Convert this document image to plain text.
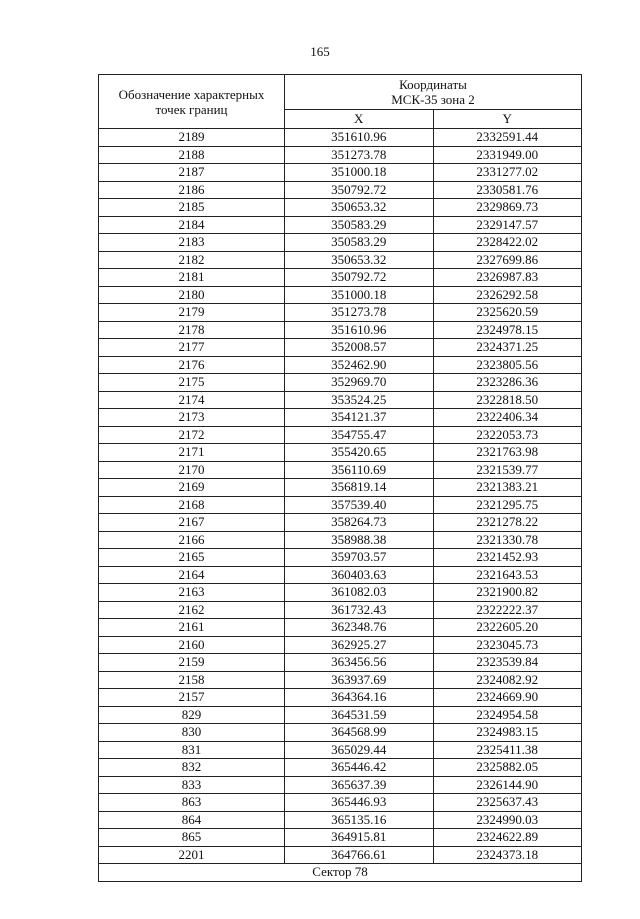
165
Обозначение характерных
точек границ	Координаты
МСК-35 зона 2	
	X	Y
2189	351610.96	2332591.44
2188	351273.78	2331949.00
2187	351000.18	2331277.02
2186	350792.72	2330581.76
2185	350653.32	2329869.73
2184	350583.29	2329147.57
2183	350583.29	2328422.02
2182	350653.32	2327699.86
2181	350792.72	2326987.83
2180	351000.18	2326292.58
2179	351273.78	2325620.59
2178	351610.96	2324978.15
2177	352008.57	2324371.25
2176	352462.90	2323805.56
2175	352969.70	2323286.36
2174	353524.25	2322818.50
2173	354121.37	2322406.34
2172	354755.47	2322053.73
2171	355420.65	2321763.98
2170	356110.69	2321539.77
2169	356819.14	2321383.21
2168	357539.40	2321295.75
2167	358264.73	2321278.22
2166	358988.38	2321330.78
2165	359703.57	2321452.93
2164	360403.63	2321643.53
2163	361082.03	2321900.82
2162	361732.43	2322222.37
2161	362348.76	2322605.20
2160	362925.27	2323045.73
2159	363456.56	2323539.84
2158	363937.69	2324082.92
2157	364364.16	2324669.90
829	364531.59	2324954.58
830	364568.99	2324983.15
831	365029.44	2325411.38
832	365446.42	2325882.05
833	365637.39	2326144.90
863	365446.93	2325637.43
864	365135.16	2324990.03
865	364915.81	2324622.89
2201	364766.61	2324373.18
Сектор 78		
